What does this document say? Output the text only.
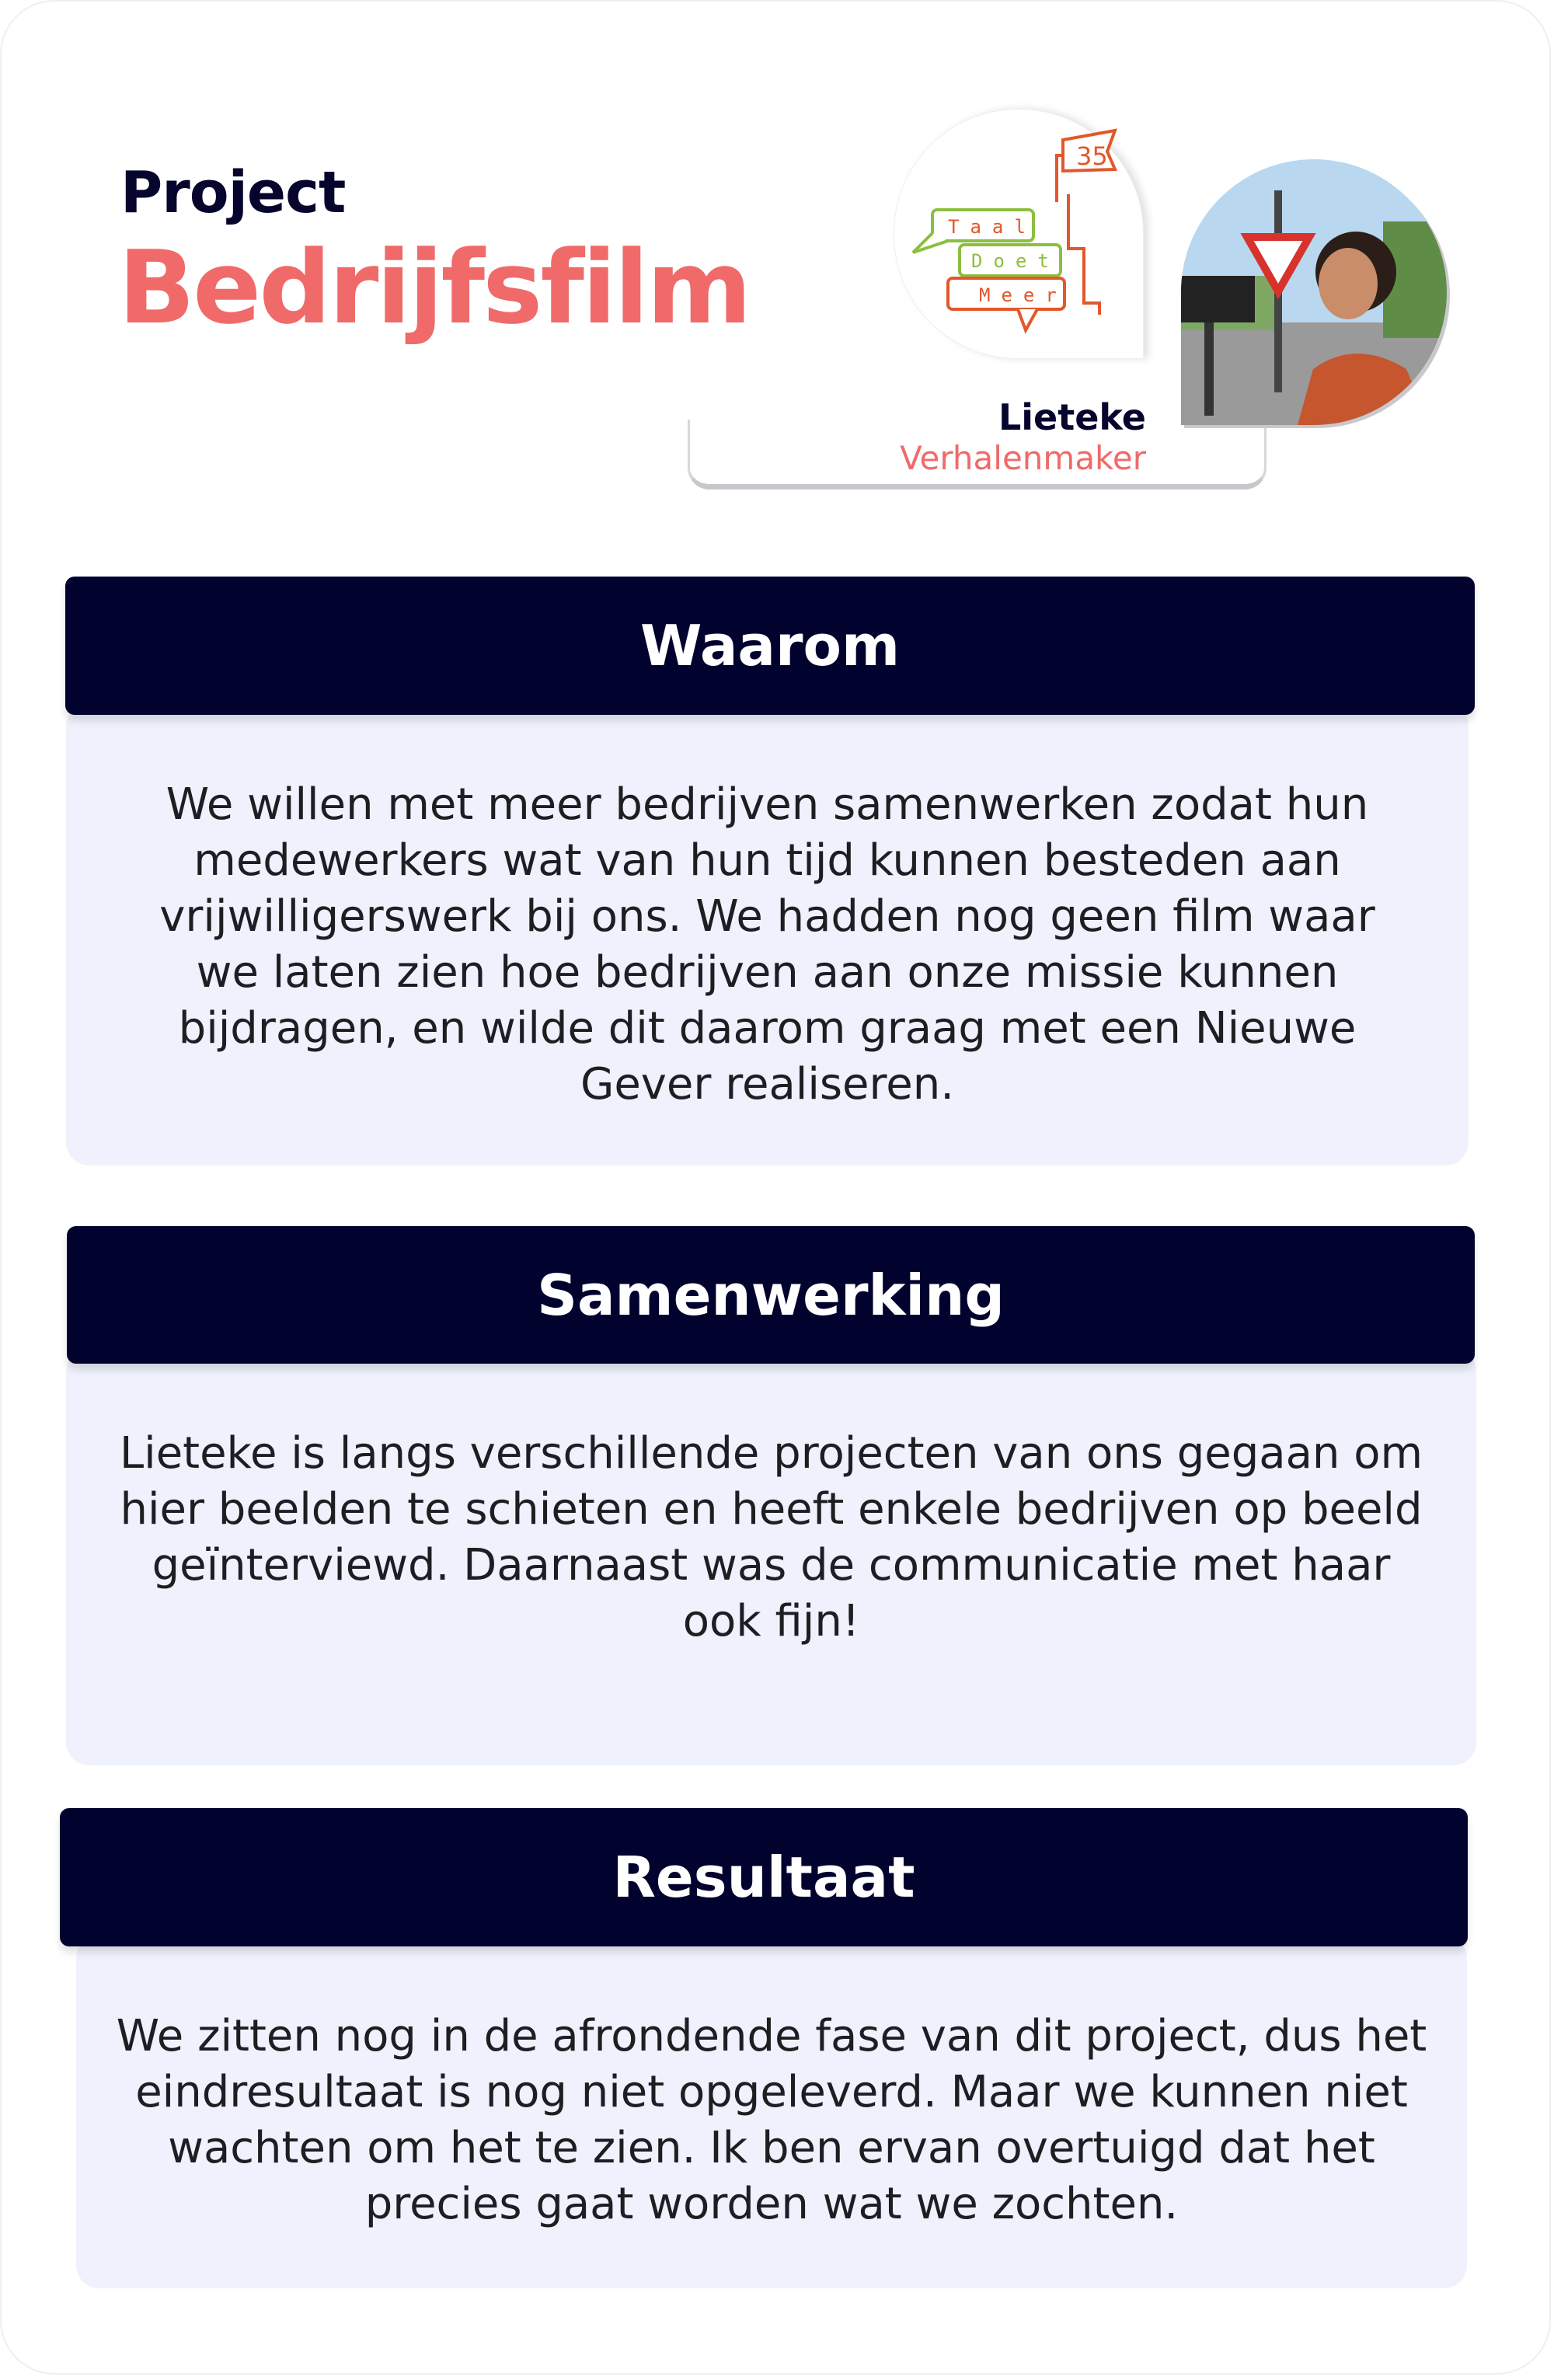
Project
Bedrijfsfilm
35
Taal
Doet
Meer
Lieteke
Verhalenmaker
We willen met meer bedrijven samenwerken zodat hun medewerkers wat van hun tijd kunnen besteden aan vrijwilligerswerk bij ons. We hadden nog geen film waar we laten zien hoe bedrijven aan onze missie kunnen bijdragen, en wilde dit daarom graag met een Nieuwe Gever realiseren.
Waarom
Lieteke is langs verschillende projecten van ons gegaan om hier beelden te schieten en heeft enkele bedrijven op beeld geïnterviewd. Daarnaast was de communicatie met haar ook fijn!
Samenwerking
We zitten nog in de afrondende fase van dit project, dus het eindresultaat is nog niet opgeleverd. Maar we kunnen niet wachten om het te zien. Ik ben ervan overtuigd dat het precies gaat worden wat we zochten.
Resultaat
